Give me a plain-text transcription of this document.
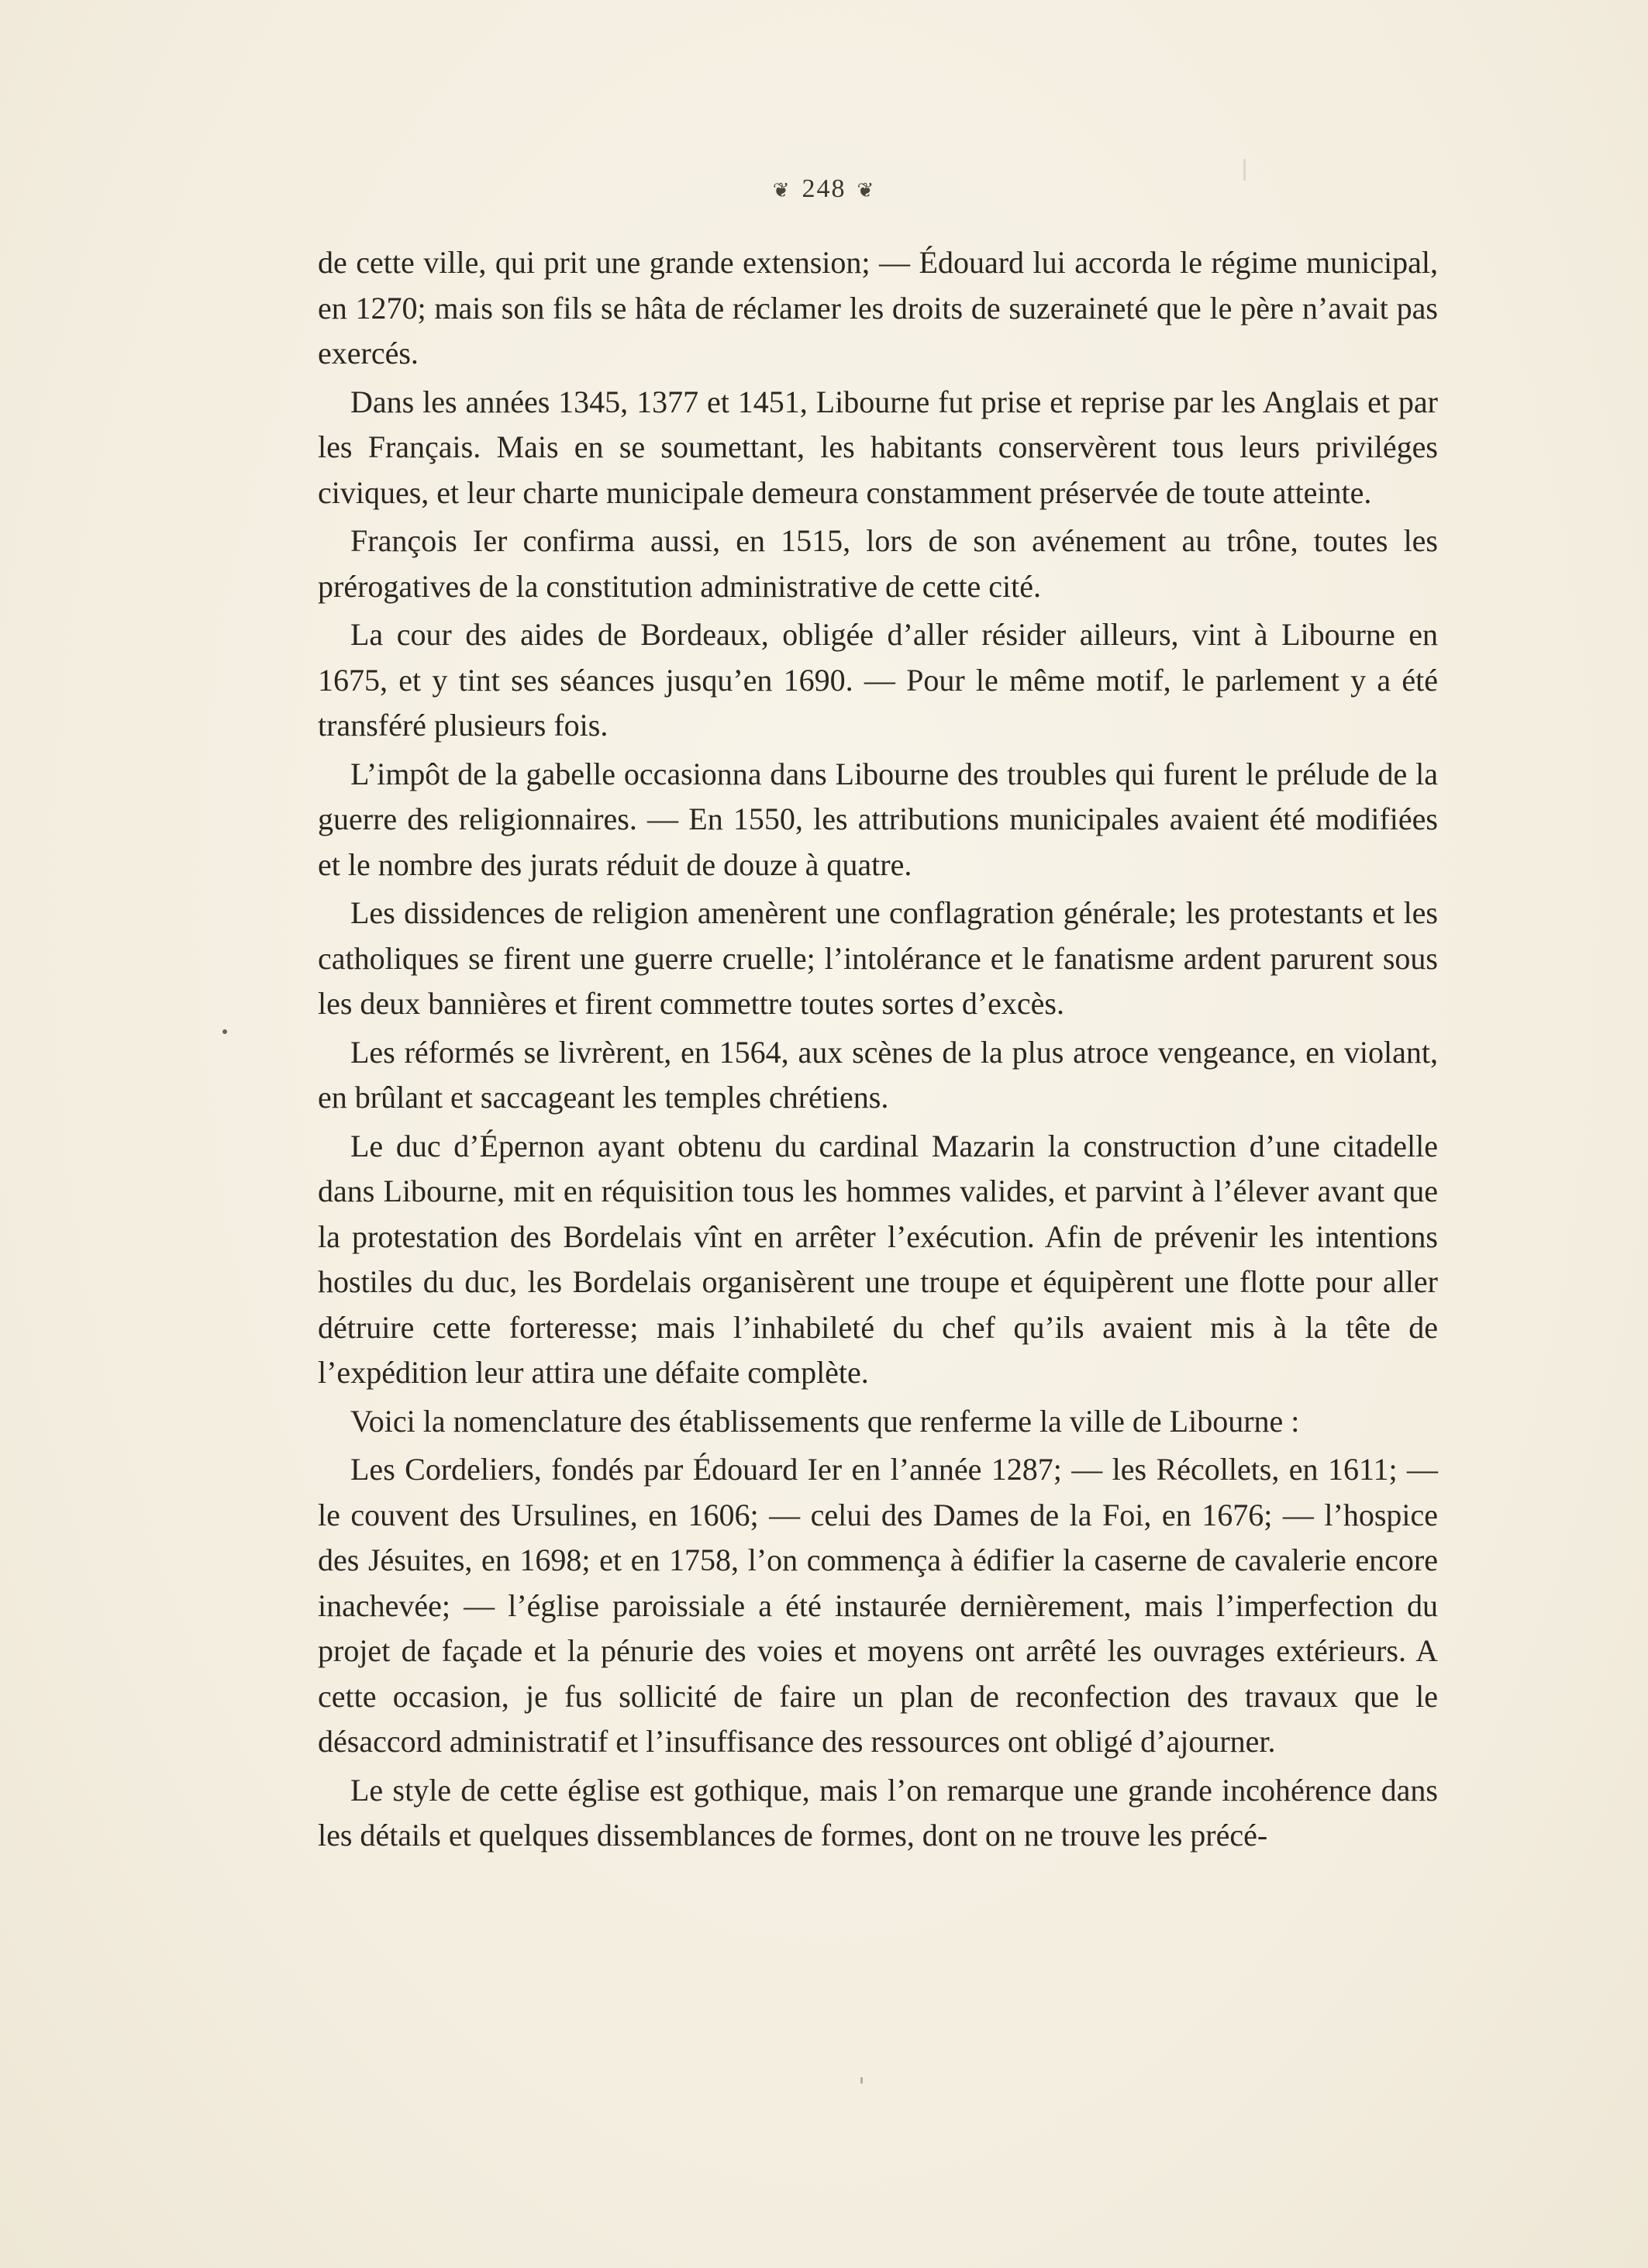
❦ 248 ❦

de cette ville, qui prit une grande extension; — Édouard lui accorda le régime municipal, en 1270; mais son fils se hâta de réclamer les droits de suzeraineté que le père n’avait pas exercés.

Dans les années 1345, 1377 et 1451, Libourne fut prise et reprise par les Anglais et par les Français. Mais en se soumettant, les habitants conservèrent tous leurs priviléges civiques, et leur charte municipale demeura constamment préservée de toute atteinte.

François Ier confirma aussi, en 1515, lors de son avénement au trône, toutes les prérogatives de la constitution administrative de cette cité.

La cour des aides de Bordeaux, obligée d’aller résider ailleurs, vint à Libourne en 1675, et y tint ses séances jusqu’en 1690. — Pour le même motif, le parlement y a été transféré plusieurs fois.

L’impôt de la gabelle occasionna dans Libourne des troubles qui furent le prélude de la guerre des religionnaires. — En 1550, les attributions municipales avaient été modifiées et le nombre des jurats réduit de douze à quatre.

Les dissidences de religion amenèrent une conflagration générale; les protestants et les catholiques se firent une guerre cruelle; l’intolérance et le fanatisme ardent parurent sous les deux bannières et firent commettre toutes sortes d’excès.

Les réformés se livrèrent, en 1564, aux scènes de la plus atroce vengeance, en violant, en brûlant et saccageant les temples chrétiens.

Le duc d’Épernon ayant obtenu du cardinal Mazarin la construction d’une citadelle dans Libourne, mit en réquisition tous les hommes valides, et parvint à l’élever avant que la protestation des Bordelais vînt en arrêter l’exécution. Afin de prévenir les intentions hostiles du duc, les Bordelais organisèrent une troupe et équipèrent une flotte pour aller détruire cette forteresse; mais l’inhabileté du chef qu’ils avaient mis à la tête de l’expédition leur attira une défaite complète.

Voici la nomenclature des établissements que renferme la ville de Libourne :

Les Cordeliers, fondés par Édouard Ier en l’année 1287; — les Récollets, en 1611; — le couvent des Ursulines, en 1606; — celui des Dames de la Foi, en 1676; — l’hospice des Jésuites, en 1698; et en 1758, l’on commença à édifier la caserne de cavalerie encore inachevée; — l’église paroissiale a été instaurée dernièrement, mais l’imperfection du projet de façade et la pénurie des voies et moyens ont arrêté les ouvrages extérieurs. A cette occasion, je fus sollicité de faire un plan de reconfection des travaux que le désaccord administratif et l’insuffisance des ressources ont obligé d’ajourner.

Le style de cette église est gothique, mais l’on remarque une grande incohérence dans les détails et quelques dissemblances de formes, dont on ne trouve les précé-
